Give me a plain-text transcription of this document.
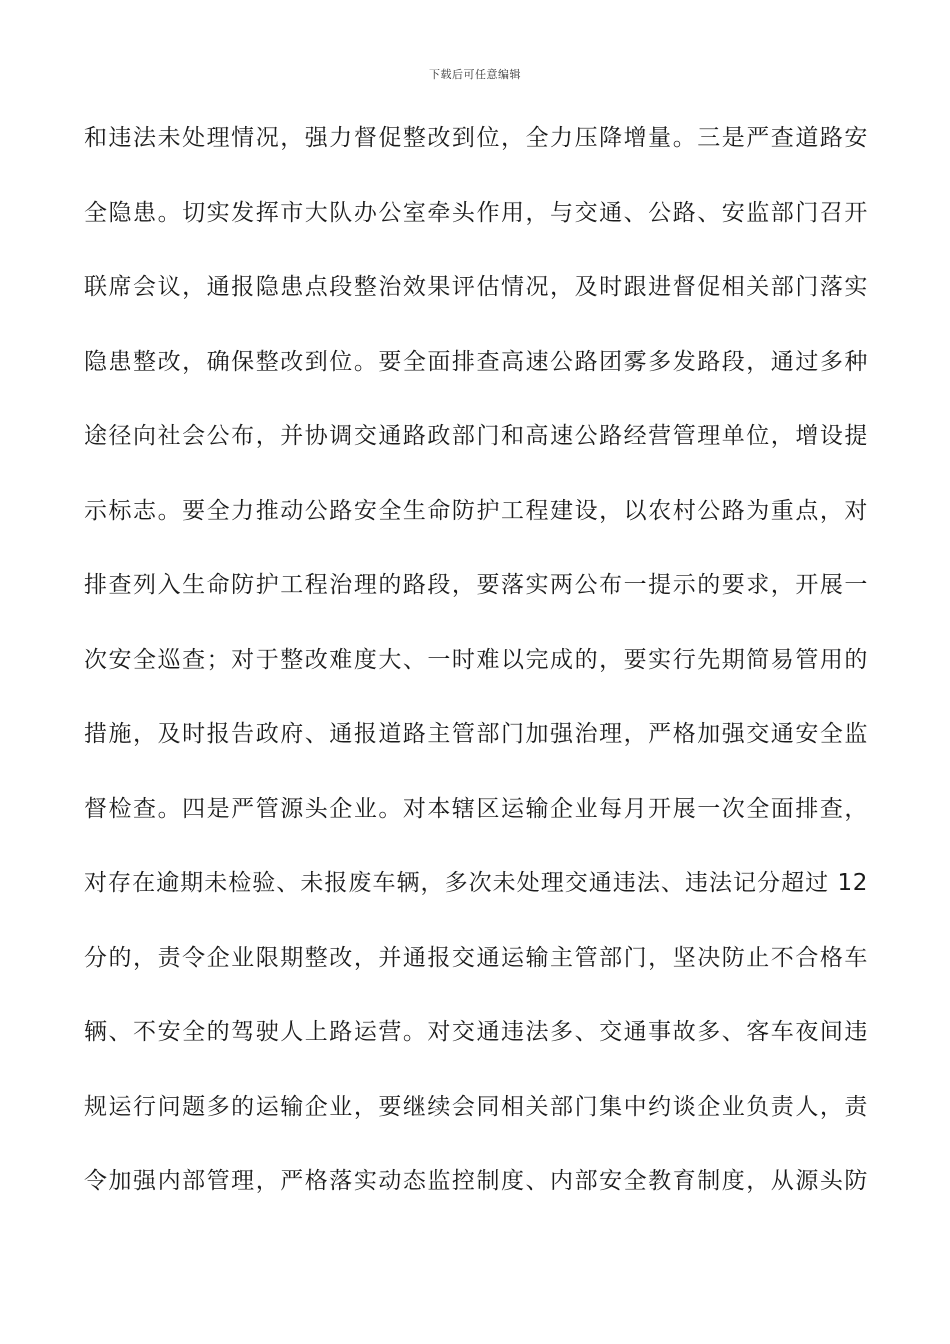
下载后可任意编辑
和违法未处理情况，强力督促整改到位，全力压降增量。三是严查道路安
全隐患。切实发挥市大队办公室牵头作用，与交通、公路、安监部门召开
联席会议，通报隐患点段整治效果评估情况，及时跟进督促相关部门落实
隐患整改，确保整改到位。要全面排查高速公路团雾多发路段，通过多种
途径向社会公布，并协调交通路政部门和高速公路经营管理单位，增设提
示标志。要全力推动公路安全生命防护工程建设，以农村公路为重点，对
排查列入生命防护工程治理的路段，要落实两公布一提示的要求，开展一
次安全巡查；对于整改难度大、一时难以完成的，要实行先期简易管用的
措施，及时报告政府、通报道路主管部门加强治理，严格加强交通安全监
督检查。四是严管源头企业。对本辖区运输企业每月开展一次全面排查，
对存在逾期未检验、未报废车辆，多次未处理交通违法、违法记分超过 12
分的，责令企业限期整改，并通报交通运输主管部门，坚决防止不合格车
辆、不安全的驾驶人上路运营。对交通违法多、交通事故多、客车夜间违
规运行问题多的运输企业，要继续会同相关部门集中约谈企业负责人，责
令加强内部管理，严格落实动态监控制度、内部安全教育制度，从源头防
